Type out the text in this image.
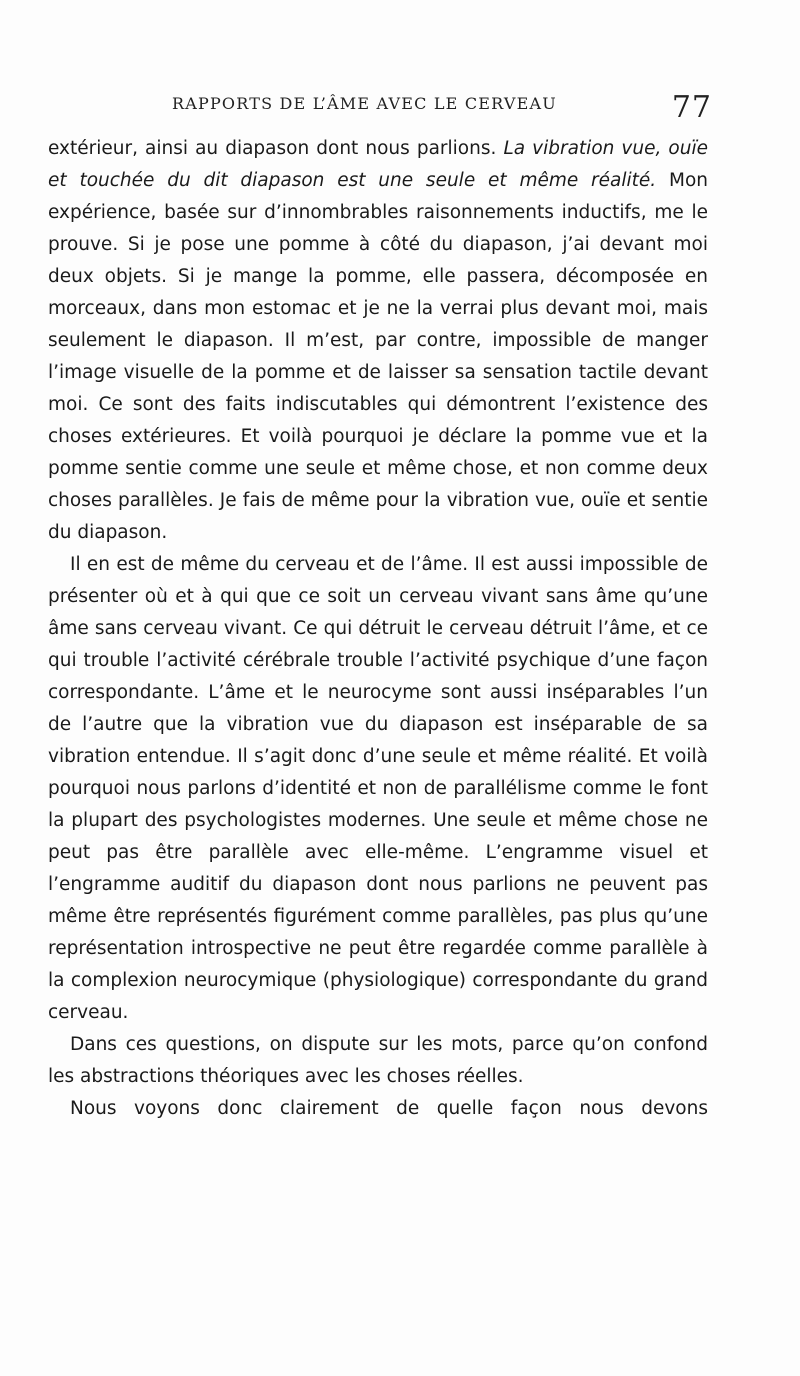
RAPPORTS DE L’ÂME AVEC LE CERVEAU	77

extérieur, ainsi au diapason dont nous parlions. La vibration vue, ouïe et touchée du dit diapason est une seule et même réalité. Mon expérience, basée sur d’innombrables raisonnements inductifs, me le prouve. Si je pose une pomme à côté du diapason, j’ai devant moi deux objets. Si je mange la pomme, elle passera, décomposée en morceaux, dans mon estomac et je ne la verrai plus devant moi, mais seulement le diapason. Il m’est, par contre, impossible de manger l’image visuelle de la pomme et de laisser sa sensation tactile devant moi. Ce sont des faits indiscutables qui démontrent l’existence des choses extérieures. Et voilà pourquoi je déclare la pomme vue et la pomme sentie comme une seule et même chose, et non comme deux choses parallèles. Je fais de même pour la vibration vue, ouïe et sentie du diapason.

Il en est de même du cerveau et de l’âme. Il est aussi impossible de présenter où et à qui que ce soit un cerveau vivant sans âme qu’une âme sans cerveau vivant. Ce qui détruit le cerveau détruit l’âme, et ce qui trouble l’activité cérébrale trouble l’activité psychique d’une façon correspondante. L’âme et le neurocyme sont aussi inséparables l’un de l’autre que la vibration vue du diapason est inséparable de sa vibration entendue. Il s’agit donc d’une seule et même réalité. Et voilà pourquoi nous parlons d’identité et non de parallélisme comme le font la plupart des psychologistes modernes. Une seule et même chose ne peut pas être parallèle avec elle-même. L’engramme visuel et l’engramme auditif du diapason dont nous parlions ne peuvent pas même être représentés figurément comme parallèles, pas plus qu’une représentation introspective ne peut être regardée comme parallèle à la complexion neurocymique (physiologique) correspondante du grand cerveau.

Dans ces questions, on dispute sur les mots, parce qu’on confond les abstractions théoriques avec les choses réelles.

Nous voyons donc clairement de quelle façon nous devons
